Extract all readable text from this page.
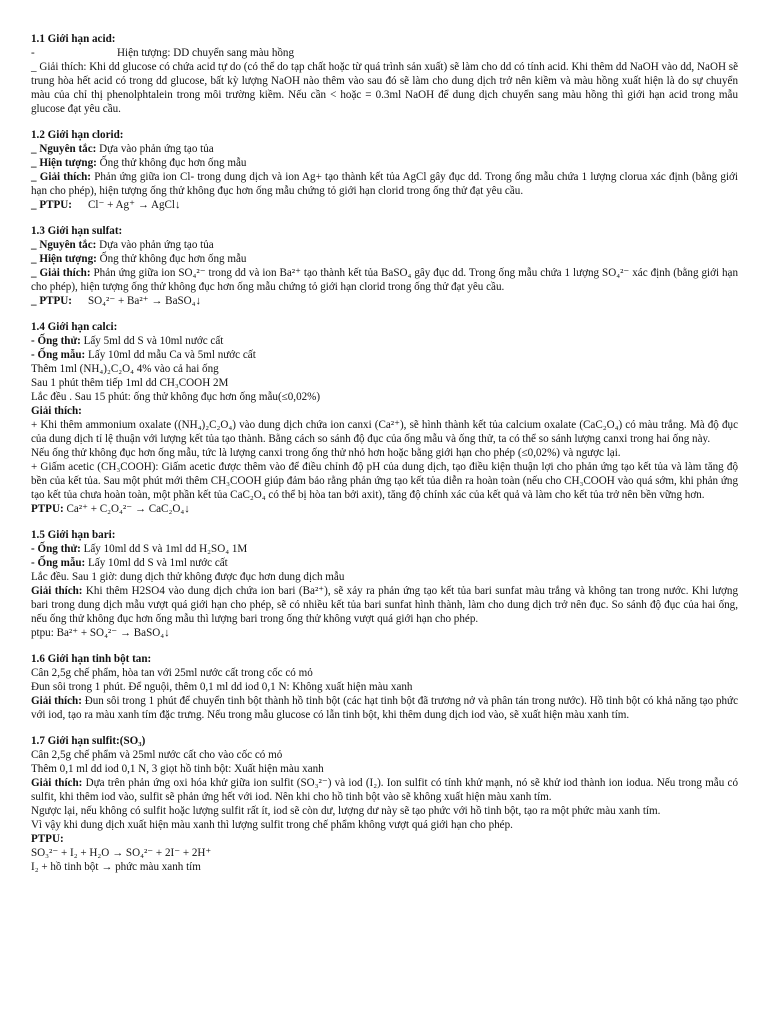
1.1 Giới hạn acid:

-	Hiện tượng: DD chuyển sang màu hồng

_ Giải thích: Khi dd glucose có chứa acid tự do (có thể do tạp chất hoặc từ quá trình sản xuất) sẽ làm cho dd có tính acid. Khi thêm dd NaOH vào dd, NaOH sẽ trung hòa hết acid có trong dd glucose, bất kỳ lượng NaOH nào thêm vào sau đó sẽ làm cho dung dịch trở nên kiềm và màu hồng xuất hiện là do sự chuyển màu của chỉ thị phenolphtalein trong môi trường kiềm. Nếu cần < hoặc = 0.3ml NaOH để dung dịch chuyển sang màu hồng thì giới hạn acid trong mẫu glucose đạt yêu cầu.

1.2 Giới hạn clorid:

_ Nguyên tắc: Dựa vào phản ứng tạo tủa

_ Hiện tượng: Ống thử không đục hơn ống mẫu

_ Giải thích: Phản ứng giữa ion Cl- trong dung dịch và ion Ag+ tạo thành kết tủa AgCl gây đục dd. Trong ống mẫu chứa 1 lượng clorua xác định (bằng giới hạn cho phép), hiện tượng ống thử không đục hơn ống mẫu chứng tỏ giới hạn clorid trong ống thử đạt yêu cầu.

_ PTPU: Cl⁻ + Ag⁺ → AgCl↓

1.3 Giới hạn sulfat:

_ Nguyên tắc: Dựa vào phản ứng tạo tủa

_ Hiện tượng: Ống thử không đục hơn ống mẫu

_ Giải thích: Phản ứng giữa ion SO₄²⁻ trong dd và ion Ba²⁺ tạo thành kết tủa BaSO₄ gây đục dd. Trong ống mẫu chứa 1 lượng SO₄²⁻ xác định (bằng giới hạn cho phép), hiện tượng ống thử không đục hơn ống mẫu chứng tỏ giới hạn clorid trong ống thử đạt yêu cầu.

_ PTPU: SO₄²⁻ + Ba²⁺ → BaSO₄↓

1.4 Giới hạn calci:

- Ống thử: Lấy 5ml dd S và 10ml nước cất

- Ống mẫu: Lấy 10ml dd mẫu Ca và 5ml nước cất

Thêm 1ml (NH₄)₂C₂O₄ 4% vào cả hai ống

Sau 1 phút thêm tiếp 1ml dd CH₃COOH 2M

Lắc đều . Sau 15 phút: ống thử không đục hơn ống mẫu(≤0,02%)

Giải thích:

+ Khi thêm ammonium oxalate ((NH₄)₂C₂O₄) vào dung dịch chứa ion canxi (Ca²⁺), sẽ hình thành kết tủa calcium oxalate (CaC₂O₄) có màu trắng. Mà độ đục của dung dịch tỉ lệ thuận với lượng kết tủa tạo thành. Bằng cách so sánh độ đục của ống mẫu và ống thử, ta có thể so sánh lượng canxi trong hai ống này.

Nếu ống thử không đục hơn ống mẫu, tức là lượng canxi trong ống thử nhỏ hơn hoặc bằng giới hạn cho phép (≤0,02%) và ngược lại.

+ Giấm acetic (CH₃COOH): Giấm acetic được thêm vào để điều chỉnh độ pH của dung dịch, tạo điều kiện thuận lợi cho phản ứng tạo kết tủa và làm tăng độ bền của kết tủa. Sau một phút mới thêm CH₃COOH giúp đảm bảo rằng phản ứng tạo kết tủa diễn ra hoàn toàn (nếu cho CH₃COOH vào quá sớm, khi phản ứng tạo kết tủa chưa hoàn toàn, một phần kết tủa CaC₂O₄ có thể bị hòa tan bởi axit), tăng độ chính xác của kết quả và làm cho kết tủa trở nên bền vững hơn.

PTPU: Ca²⁺ + C₂O₄²⁻ → CaC₂O₄↓

1.5 Giới hạn bari:

- Ống thử: Lấy 10ml dd S và 1ml dd H₂SO₄ 1M

- Ống mẫu: Lấy 10ml dd S và 1ml nước cất

Lắc đều. Sau 1 giờ: dung dịch thử không được đục hơn dung dịch mẫu

Giải thích: Khi thêm H2SO4 vào dung dịch chứa ion bari (Ba²⁺), sẽ xảy ra phản ứng tạo kết tủa bari sunfat màu trắng và không tan trong nước. Khi lượng bari trong dung dịch mẫu vượt quá giới hạn cho phép, sẽ có nhiều kết tủa bari sunfat hình thành, làm cho dung dịch trở nên đục. So sánh độ đục của hai ống, nếu ống thử không đục hơn ống mẫu thì lượng bari trong ống thử không vượt quá giới hạn cho phép.

ptpu: Ba²⁺ + SO₄²⁻ → BaSO₄↓

1.6 Giới hạn tinh bột tan:

Cân 2,5g chế phẩm, hòa tan với 25ml nước cất trong cốc có mỏ

Đun sôi trong 1 phút. Để nguội, thêm 0,1 ml dd iod 0,1 N: Không xuất hiện màu xanh

Giải thích: Đun sôi trong 1 phút để chuyển tinh bột thành hồ tinh bột (các hạt tinh bột đã trương nở và phân tán trong nước). Hồ tinh bột có khả năng tạo phức với iod, tạo ra màu xanh tím đặc trưng. Nếu trong mẫu glucose có lẫn tinh bột, khi thêm dung dịch iod vào, sẽ xuất hiện màu xanh tím.

1.7 Giới hạn sulfit:(SO₃)

Cân 2,5g chế phẩm và 25ml nước cất cho vào cốc có mỏ

Thêm 0,1 ml dd iod 0,1 N, 3 giọt hồ tinh bột: Xuất hiện màu xanh

Giải thích: Dựa trên phản ứng oxi hóa khử giữa ion sulfit (SO₃²⁻) và iod (I₂). Ion sulfit có tính khử mạnh, nó sẽ khử iod thành ion iodua. Nếu trong mẫu có sulfit, khi thêm iod vào, sulfit sẽ phản ứng hết với iod. Nên khi cho hồ tinh bột vào sẽ không xuất hiện màu xanh tím.

Ngược lại, nếu không có sulfit hoặc lượng sulfit rất ít, iod sẽ còn dư, lượng dư này sẽ tạo phức với hồ tinh bột, tạo ra một phức màu xanh tím.

Vì vậy khi dung dịch xuất hiện màu xanh thì lượng sulfit trong chế phẩm không vượt quá giới hạn cho phép.

PTPU:

SO₃²⁻ + I₂ + H₂O → SO₄²⁻ + 2I⁻ + 2H⁺

I₂ + hồ tinh bột → phức màu xanh tím
